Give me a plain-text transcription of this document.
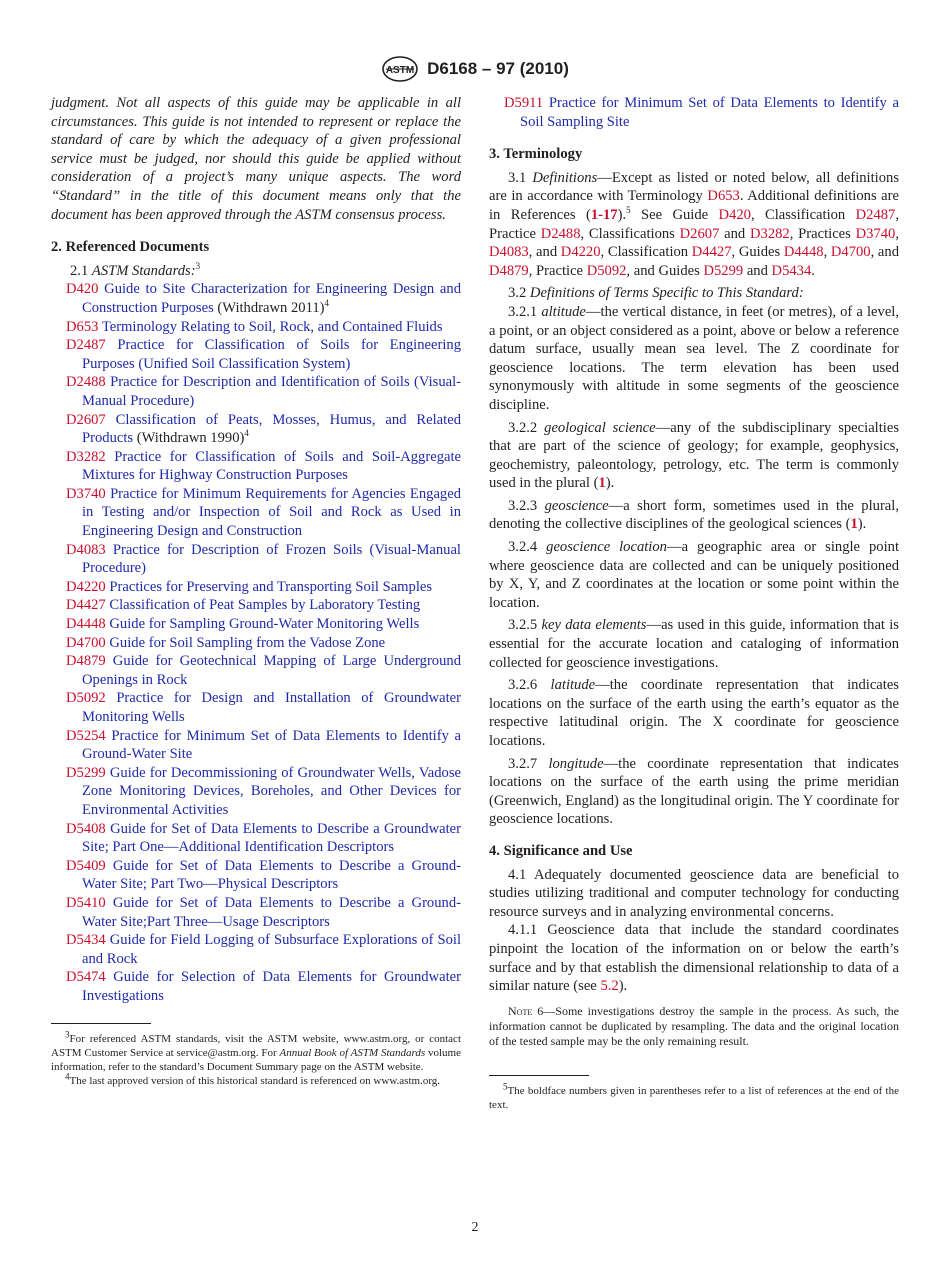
ASTM D6168 – 97 (2010)

judgment. Not all aspects of this guide may be applicable in all circumstances. This guide is not intended to represent or replace the standard of care by which the adequacy of a given professional service must be judged, nor should this guide be applied without consideration of a project’s many unique aspects. The word “Standard” in the title of this document means only that the document has been approved through the ASTM consensus process.

2. Referenced Documents

2.1 ASTM Standards:$^3$

D420 Guide to Site Characterization for Engineering Design and Construction Purposes (Withdrawn 2011)$^4$

D653 Terminology Relating to Soil, Rock, and Contained Fluids

D2487 Practice for Classification of Soils for Engineering Purposes (Unified Soil Classification System)

D2488 Practice for Description and Identification of Soils (Visual-Manual Procedure)

D2607 Classification of Peats, Mosses, Humus, and Related Products (Withdrawn 1990)$^4$

D3282 Practice for Classification of Soils and Soil-Aggregate Mixtures for Highway Construction Purposes

D3740 Practice for Minimum Requirements for Agencies Engaged in Testing and/or Inspection of Soil and Rock as Used in Engineering Design and Construction

D4083 Practice for Description of Frozen Soils (Visual-Manual Procedure)

D4220 Practices for Preserving and Transporting Soil Samples

D4427 Classification of Peat Samples by Laboratory Testing

D4448 Guide for Sampling Ground-Water Monitoring Wells

D4700 Guide for Soil Sampling from the Vadose Zone

D4879 Guide for Geotechnical Mapping of Large Underground Openings in Rock

D5092 Practice for Design and Installation of Groundwater Monitoring Wells

D5254 Practice for Minimum Set of Data Elements to Identify a Ground-Water Site

D5299 Guide for Decommissioning of Groundwater Wells, Vadose Zone Monitoring Devices, Boreholes, and Other Devices for Environmental Activities

D5408 Guide for Set of Data Elements to Describe a Groundwater Site; Part One—Additional Identification Descriptors

D5409 Guide for Set of Data Elements to Describe a Ground-Water Site; Part Two—Physical Descriptors

D5410 Guide for Set of Data Elements to Describe a Ground-Water Site;Part Three—Usage Descriptors

D5434 Guide for Field Logging of Subsurface Explorations of Soil and Rock

D5474 Guide for Selection of Data Elements for Groundwater Investigations

$^3$For referenced ASTM standards, visit the ASTM website, www.astm.org, or contact ASTM Customer Service at service@astm.org. For Annual Book of ASTM Standards volume information, refer to the standard’s Document Summary page on the ASTM website.

$^4$The last approved version of this historical standard is referenced on www.astm.org.

D5911 Practice for Minimum Set of Data Elements to Identify a Soil Sampling Site

3. Terminology

3.1 Definitions—Except as listed or noted below, all definitions are in accordance with Terminology D653. Additional definitions are in References (1-17).$^5$ See Guide D420, Classification D2487, Practice D2488, Classifications D2607 and D3282, Practices D3740, D4083, and D4220, Classification D4427, Guides D4448, D4700, and D4879, Practice D5092, and Guides D5299 and D5434.

3.2 Definitions of Terms Specific to This Standard:

3.2.1 altitude—the vertical distance, in feet (or metres), of a level, a point, or an object considered as a point, above or below a reference datum surface, usually mean sea level. The Z coordinate for geoscience locations. The term elevation has been used synonymously with altitude in some segments of the geoscience discipline.

3.2.2 geological science—any of the subdisciplinary specialties that are part of the science of geology; for example, geophysics, geochemistry, paleontology, petrology, etc. The term is commonly used in the plural (1).

3.2.3 geoscience—a short form, sometimes used in the plural, denoting the collective disciplines of the geological sciences (1).

3.2.4 geoscience location—a geographic area or single point where geoscience data are collected and can be uniquely positioned by X, Y, and Z coordinates at the location or some point within the location.

3.2.5 key data elements—as used in this guide, information that is essential for the accurate location and cataloging of information collected for geoscience investigations.

3.2.6 latitude—the coordinate representation that indicates locations on the surface of the earth using the earth’s equator as the respective latitudinal origin. The X coordinate for geoscience locations.

3.2.7 longitude—the coordinate representation that indicates locations on the surface of the earth using the prime meridian (Greenwich, England) as the longitudinal origin. The Y coordinate for geoscience locations.

4. Significance and Use

4.1 Adequately documented geoscience data are beneficial to studies utilizing traditional and computer technology for conducting resource surveys and in analyzing environmental concerns.

4.1.1 Geoscience data that include the standard coordinates pinpoint the location of the information on or below the earth’s surface and by that establish the dimensional relationship to data of a similar nature (see 5.2).

Note 6—Some investigations destroy the sample in the process. As such, the information cannot be duplicated by resampling. The data and the original location of the tested sample may be the only remaining result.

$^5$The boldface numbers given in parentheses refer to a list of references at the end of the text.

2
